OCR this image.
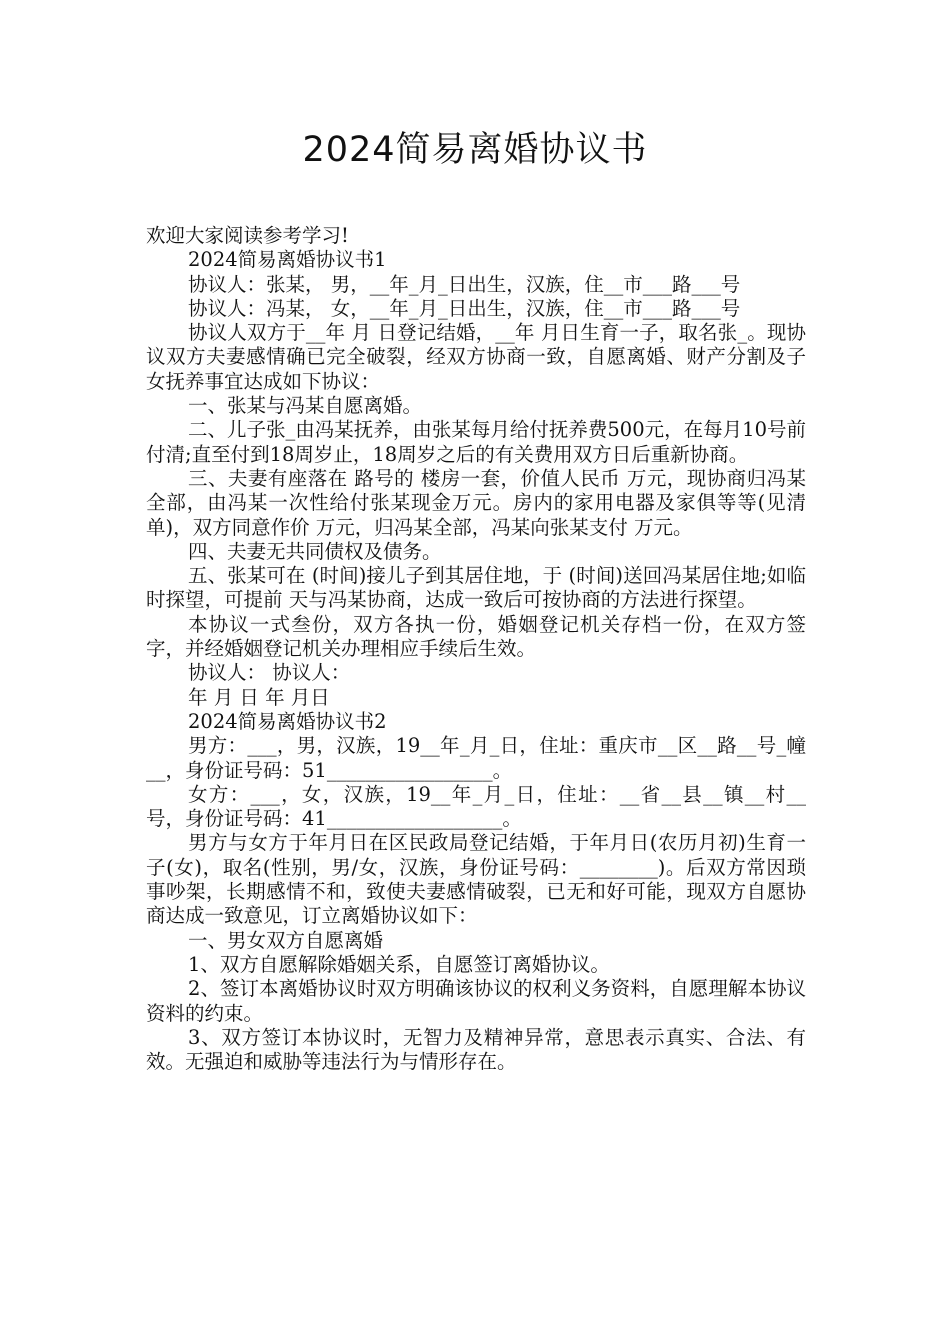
2024简易离婚协议书

欢迎大家阅读参考学习!

2024简易离婚协议书1

协议人：张某， 男，__年_月_日出生，汉族，住__市___路___号

协议人：冯某， 女，__年_月_日出生，汉族，住__市___路___号

协议人双方于__年 月 日登记结婚，__年 月日生育一子，取名张_。现协议双方夫妻感情确已完全破裂，经双方协商一致，自愿离婚、财产分割及子女抚养事宜达成如下协议：

一、张某与冯某自愿离婚。

二、儿子张_由冯某抚养，由张某每月给付抚养费500元，在每月10号前付清;直至付到18周岁止，18周岁之后的有关费用双方日后重新协商。

三、夫妻有座落在 路号的 楼房一套，价值人民币 万元，现协商归冯某全部，由冯某一次性给付张某现金万元。房内的家用电器及家俱等等(见清单)，双方同意作价 万元，归冯某全部，冯某向张某支付 万元。

四、夫妻无共同债权及债务。

五、张某可在 (时间)接儿子到其居住地，于 (时间)送回冯某居住地;如临时探望，可提前 天与冯某协商，达成一致后可按协商的方法进行探望。

本协议一式叁份，双方各执一份，婚姻登记机关存档一份，在双方签字，并经婚姻登记机关办理相应手续后生效。

协议人： 协议人：

年 月 日 年 月日

2024简易离婚协议书2

男方：___，男，汉族，19__年_月_日，住址：重庆市__区__路__号_幢__，身份证号码：51_________________。

女方：___，女，汉族，19__年_月_日，住址：__省__县__镇__村__号，身份证号码：41__________________。

男方与女方于年月日在区民政局登记结婚，于年月日(农历月初)生育一子(女)，取名(性别，男/女，汉族，身份证号码：________)。后双方常因琐事吵架，长期感情不和，致使夫妻感情破裂，已无和好可能，现双方自愿协商达成一致意见，订立离婚协议如下：

一、男女双方自愿离婚

1、双方自愿解除婚姻关系，自愿签订离婚协议。

2、签订本离婚协议时双方明确该协议的权利义务资料，自愿理解本协议资料的约束。

3、双方签订本协议时，无智力及精神异常，意思表示真实、合法、有效。无强迫和威胁等违法行为与情形存在。
